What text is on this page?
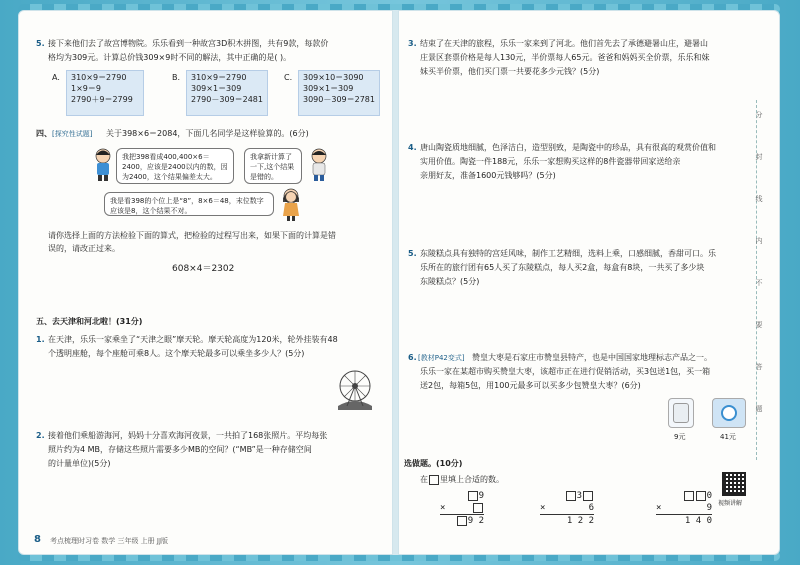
5. 接下来他们去了故宫博物院。乐乐看到一种故宫3D积木拼图，共有9款，每款价
格均为309元。计算总价钱309×9时不同的解法，其中正确的是( )。
A. 310×9＝2790
1×9＝9
2790＋9＝2799
B. 310×9＝2790
309×1＝309
2790－309＝2481
C. 309×10＝3090
309×1＝309
3090－309＝2781
四、 [探究性试题] 关于398×6＝2084，下面几名同学是这样验算的。(6分)
我把398看成400,400×6＝2400，应该是2400以内的数，因为2400，这个结果偏差太大。
我拿新计算了一下,这个结果是错的。
我是看398的个位上是“8”，8×6＝48，末位数字应该是8，这个结果不对。
请你选择上面的方法检验下面的算式，把检验的过程写出来，如果下面的计算是错
误的，请改正过来。
608×4＝2302
五、去天津和河北啦！(31分)
1. 在天津，乐乐一家乘坐了“天津之眼”摩天轮。摩天轮高度为120米，轮外挂装有48
个透明座舱，每个座舱可乘8人。这个摩天轮最多可以乘坐多少人？(5分)
2. 接着他们乘船游海河，妈妈十分喜欢海河夜景，一共拍了168张照片。平均每张
照片约为4 MB，存储这些照片需要多少MB的空间？(“MB”是一种存储空间
的计量单位)(5分)
8 考点梳理时习卷 数学 三年级 上册 JJ版
3. 结束了在天津的旅程，乐乐一家来到了河北。他们首先去了承德避暑山庄，避暑山
庄景区套票价格是每人130元，半价票每人65元。爸爸和妈妈买全价票，乐乐和妹
妹买半价票，他们买门票一共要花多少元钱？(5分)
4. 唐山陶瓷质地细腻，色泽洁白，造型别致，是陶瓷中的珍品，具有很高的观赏价值和
实用价值。陶瓷一件188元，乐乐一家想购买这样的8件瓷器带回家送给亲
亲朋好友，准备1600元钱够吗？(5分)
5. 东陵糕点具有独特的宫廷风味，制作工艺精细，选料上乘，口感细腻，香甜可口。乐
乐所在的旅行团有65人买了东陵糕点，每人买2盒，每盒有8块，一共买了多少块
东陵糕点？(5分)
6. [教材P42变式] 赞皇大枣是石家庄市赞皇县特产，也是中国国家地理标志产品之一。
乐乐一家在某超市购买赞皇大枣，该超市正在进行促销活动，买3包送1包，买一箱
送2包，每箱5包，用100元最多可以买多少包赞皇大枣？(6分)
9元	41元
选做题。(10分)
在 里填上合适的数。
9
×
9 2
3
×	6
1 2 2
0
×	9
1 4 0
视频讲解
分
封
线
内
不
要
答
题
